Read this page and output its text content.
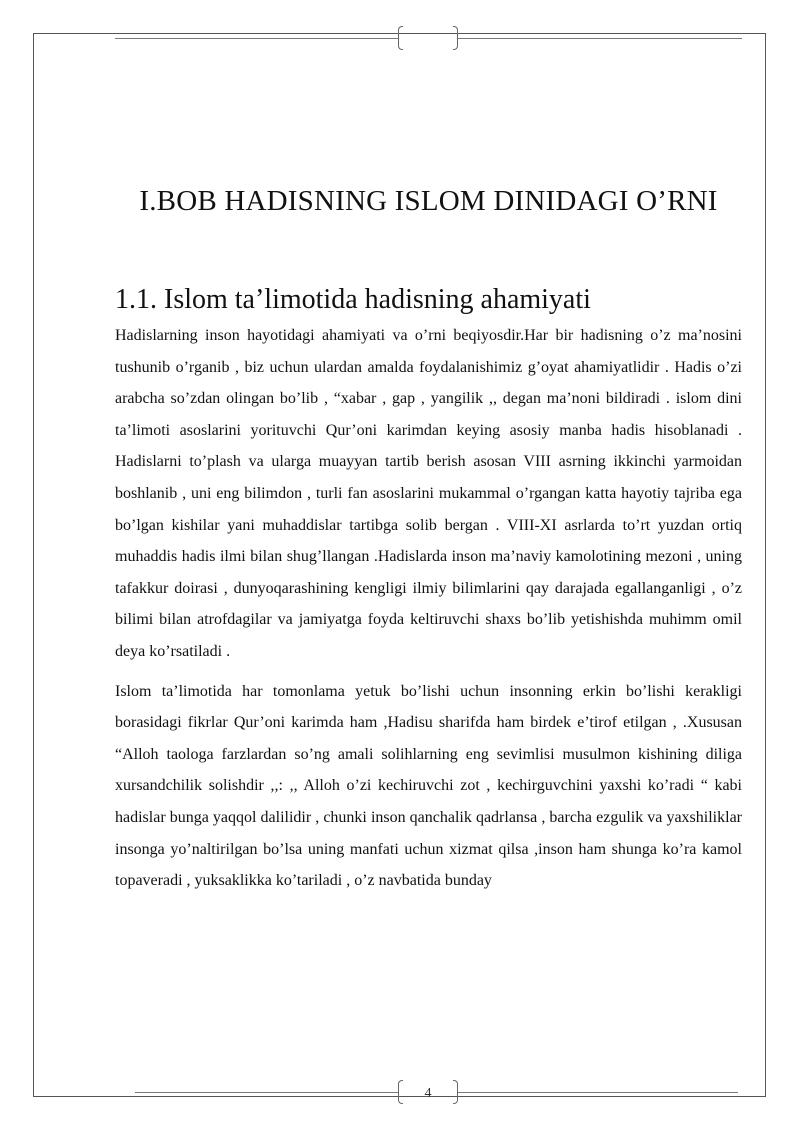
4
I.BOB HADISNING ISLOM DINIDAGI O’RNI
1.1. Islom ta’limotida hadisning ahamiyati

Hadislarning inson hayotidagi ahamiyati va o’rni beqiyosdir.Har bir hadisning o’z ma’nosini tushunib o’rganib , biz uchun ulardan amalda foydalanishimiz g’oyat ahamiyatlidir . Hadis o’zi arabcha so’zdan olingan bo’lib , “xabar , gap , yangilik ,, degan ma’noni bildiradi . islom dini ta’limoti asoslarini yorituvchi Qur’oni karimdan keying asosiy manba hadis hisoblanadi . Hadislarni to’plash va ularga muayyan tartib berish asosan VIII asrning ikkinchi yarmoidan boshlanib , uni eng bilimdon , turli fan asoslarini mukammal o’rgangan katta hayotiy tajriba ega bo’lgan kishilar yani muhaddislar tartibga solib bergan . VIII-XI asrlarda to’rt yuzdan ortiq muhaddis hadis ilmi bilan shug’llangan .Hadislarda inson ma’naviy kamolotining mezoni , uning tafakkur doirasi , dunyoqarashining kengligi ilmiy bilimlarini qay darajada egallanganligi , o’z bilimi bilan atrofdagilar va jamiyatga foyda keltiruvchi shaxs bo’lib yetishishda muhimm omil deya ko’rsatiladi .

Islom ta’limotida har tomonlama yetuk bo’lishi uchun insonning erkin bo’lishi kerakligi borasidagi fikrlar Qur’oni karimda ham ,Hadisu sharifda ham birdek e’tirof etilgan , .Xususan “Alloh taologa farzlardan so’ng amali solihlarning eng sevimlisi musulmon kishining diliga xursandchilik solishdir ,,: ,, Alloh o’zi kechiruvchi zot , kechirguvchini yaxshi ko’radi “ kabi hadislar bunga yaqqol dalilidir , chunki inson qanchalik qadrlansa , barcha ezgulik va yaxshiliklar insonga yo’naltirilgan bo’lsa uning manfati uchun xizmat qilsa ,inson ham shunga ko’ra kamol topaveradi , yuksaklikka ko’tariladi , o’z navbatida bunday
